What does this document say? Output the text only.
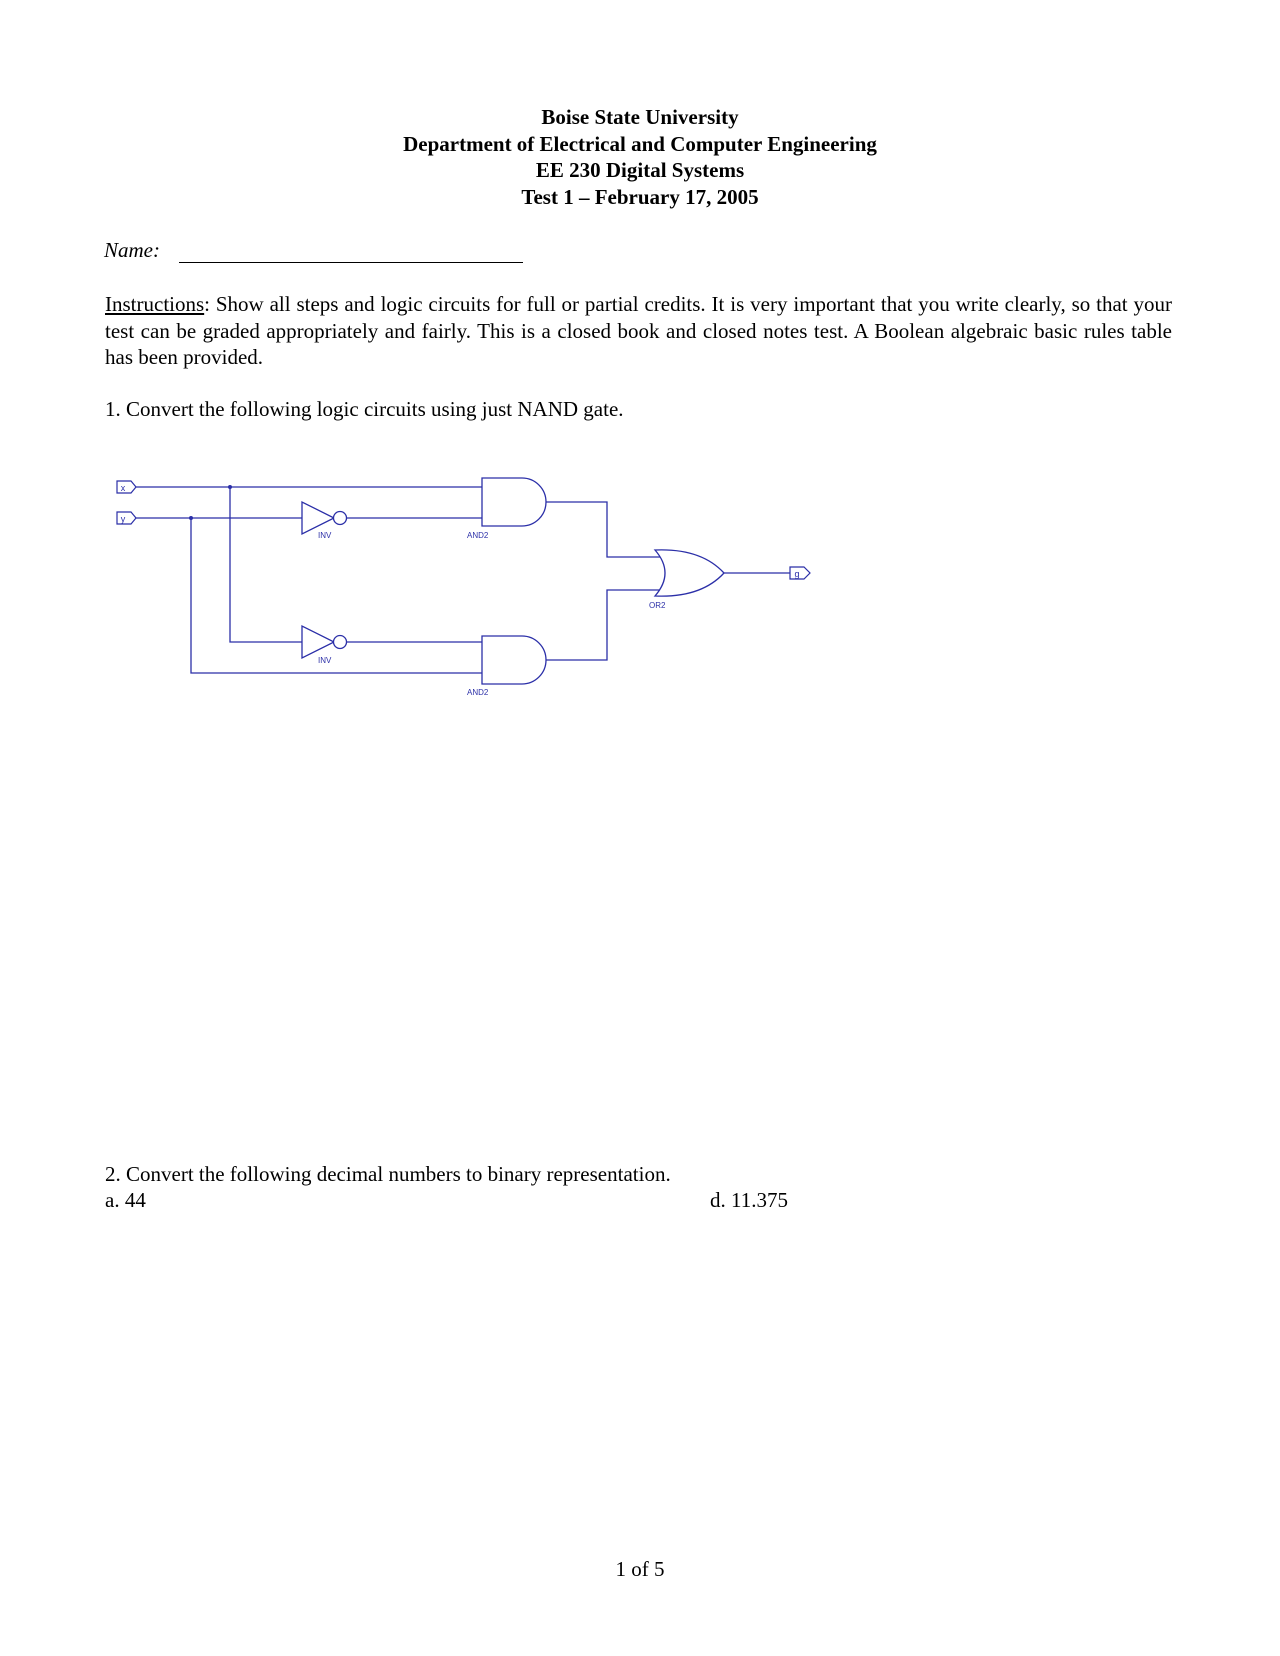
Boise State University
Department of Electrical and Computer Engineering
EE 230 Digital Systems
Test 1 – February 17, 2005
Name:
Instructions: Show all steps and logic circuits for full or partial credits. It is very important that you write clearly, so that your test can be graded appropriately and fairly. This is a closed book and closed notes test. A Boolean algebraic basic rules table has been provided.
1. Convert the following logic circuits using just NAND gate.
x
y
g
INV
INV
AND2
AND2
OR2
2. Convert the following decimal numbers to binary representation.
a. 44	d. 11.375
1 of 5
